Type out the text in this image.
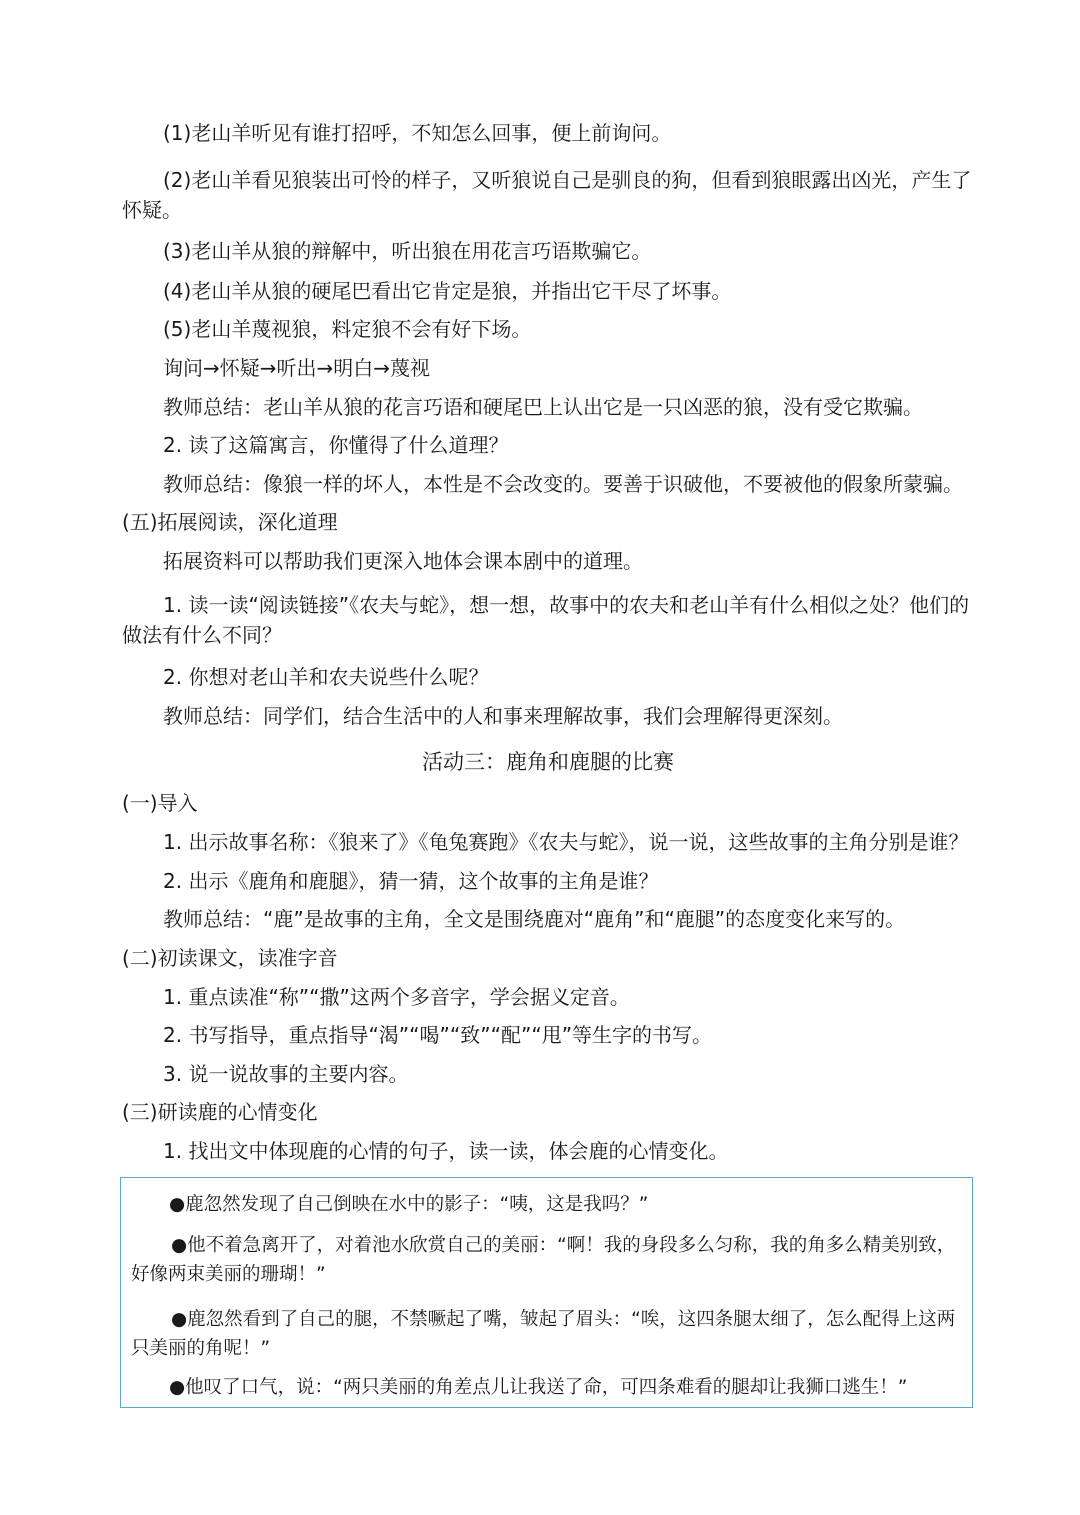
(1)老山羊听见有谁打招呼，不知怎么回事，便上前询问。
(2)老山羊看见狼装出可怜的样子，又听狼说自己是驯良的狗，但看到狼眼露出凶光，产生了怀疑。
(3)老山羊从狼的辩解中，听出狼在用花言巧语欺骗它。
(4)老山羊从狼的硬尾巴看出它肯定是狼，并指出它干尽了坏事。
(5)老山羊蔑视狼，料定狼不会有好下场。
询问→怀疑→听出→明白→蔑视
教师总结：老山羊从狼的花言巧语和硬尾巴上认出它是一只凶恶的狼，没有受它欺骗。
2. 读了这篇寓言，你懂得了什么道理？
教师总结：像狼一样的坏人，本性是不会改变的。要善于识破他，不要被他的假象所蒙骗。
(五)拓展阅读，深化道理
拓展资料可以帮助我们更深入地体会课本剧中的道理。
1. 读一读“阅读链接”《农夫与蛇》，想一想，故事中的农夫和老山羊有什么相似之处？他们的做法有什么不同？
2. 你想对老山羊和农夫说些什么呢？
教师总结：同学们，结合生活中的人和事来理解故事，我们会理解得更深刻。
活动三：鹿角和鹿腿的比赛
(一)导入
1. 出示故事名称：《狼来了》《龟兔赛跑》《农夫与蛇》，说一说，这些故事的主角分别是谁？
2. 出示《鹿角和鹿腿》，猜一猜，这个故事的主角是谁？
教师总结：“鹿”是故事的主角，全文是围绕鹿对“鹿角”和“鹿腿”的态度变化来写的。
(二)初读课文，读准字音
1. 重点读准“称”“撒”这两个多音字，学会据义定音。
2. 书写指导，重点指导“渴”“喝”“致”“配”“甩”等生字的书写。
3. 说一说故事的主要内容。
(三)研读鹿的心情变化
1. 找出文中体现鹿的心情的句子，读一读，体会鹿的心情变化。
●鹿忽然发现了自己倒映在水中的影子：“咦，这是我吗？”
●他不着急离开了，对着池水欣赏自己的美丽：“啊！我的身段多么匀称，我的角多么精美别致，好像两束美丽的珊瑚！”
●鹿忽然看到了自己的腿，不禁噘起了嘴，皱起了眉头：“唉，这四条腿太细了，怎么配得上这两只美丽的角呢！”
●他叹了口气，说：“两只美丽的角差点儿让我送了命，可四条难看的腿却让我狮口逃生！”
